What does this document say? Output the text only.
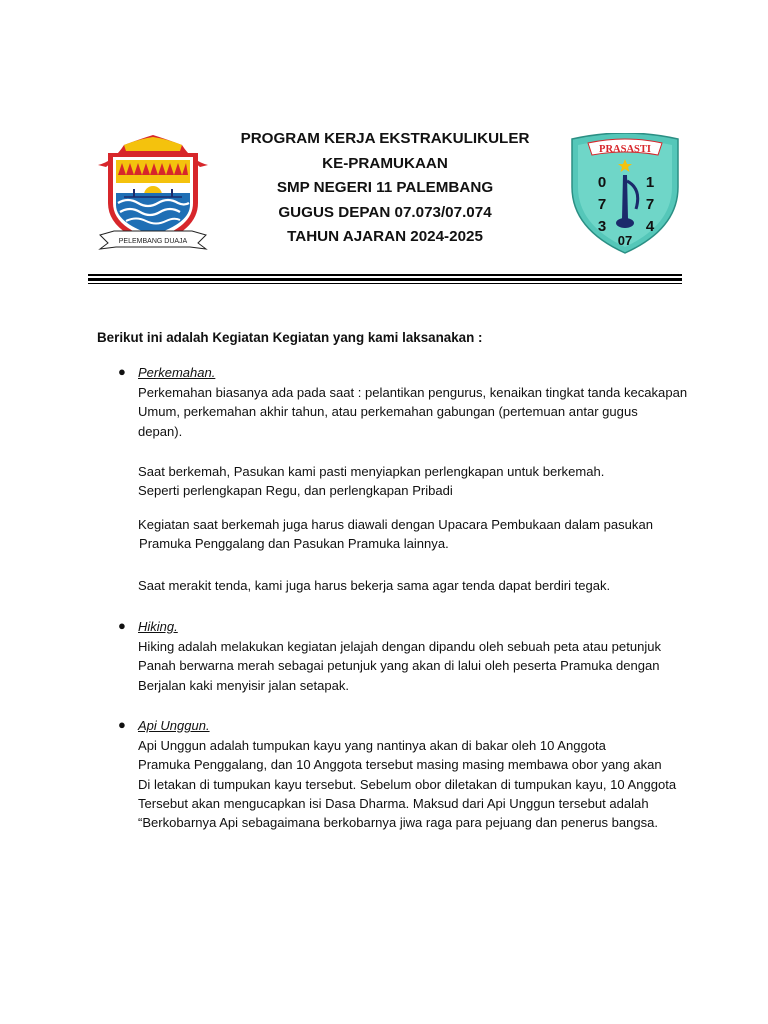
PELEMBANG DUAJA
PROGRAM KERJA EKSTRAKULIKULER
KE-PRAMUKAAN
SMP NEGERI 11 PALEMBANG
GUGUS DEPAN 07.073/07.074
TAHUN AJARAN 2024-2025
PRASASTI
0
7
3
1
7
4
07
Berikut ini adalah Kegiatan Kegiatan yang kami laksanakan :
● Perkemahan.
Perkemahan biasanya ada pada saat : pelantikan pengurus, kenaikan tingkat tanda kecakapan
Umum, perkemahan akhir tahun, atau perkemahan gabungan (pertemuan antar gugus
depan).
Saat berkemah, Pasukan kami pasti menyiapkan perlengkapan untuk berkemah.
Seperti perlengkapan Regu, dan perlengkapan Pribadi
Kegiatan saat berkemah juga harus diawali dengan Upacara Pembukaan dalam pasukan
Pramuka Penggalang dan Pasukan Pramuka lainnya.
Saat merakit tenda, kami juga harus bekerja sama agar tenda dapat berdiri tegak.
● Hiking.
Hiking adalah melakukan kegiatan jelajah dengan dipandu oleh sebuah peta atau petunjuk
Panah berwarna merah sebagai petunjuk yang akan di lalui oleh peserta Pramuka dengan
Berjalan kaki menyisir jalan setapak.
● Api Unggun.
Api Unggun adalah tumpukan kayu yang nantinya akan di bakar oleh 10 Anggota
Pramuka Penggalang, dan 10 Anggota tersebut masing masing membawa obor yang akan
Di letakan di tumpukan kayu tersebut. Sebelum obor diletakan di tumpukan kayu, 10 Anggota
Tersebut akan mengucapkan isi Dasa Dharma. Maksud dari Api Unggun tersebut adalah
“Berkobarnya Api sebagaimana berkobarnya jiwa raga para pejuang dan penerus bangsa.
